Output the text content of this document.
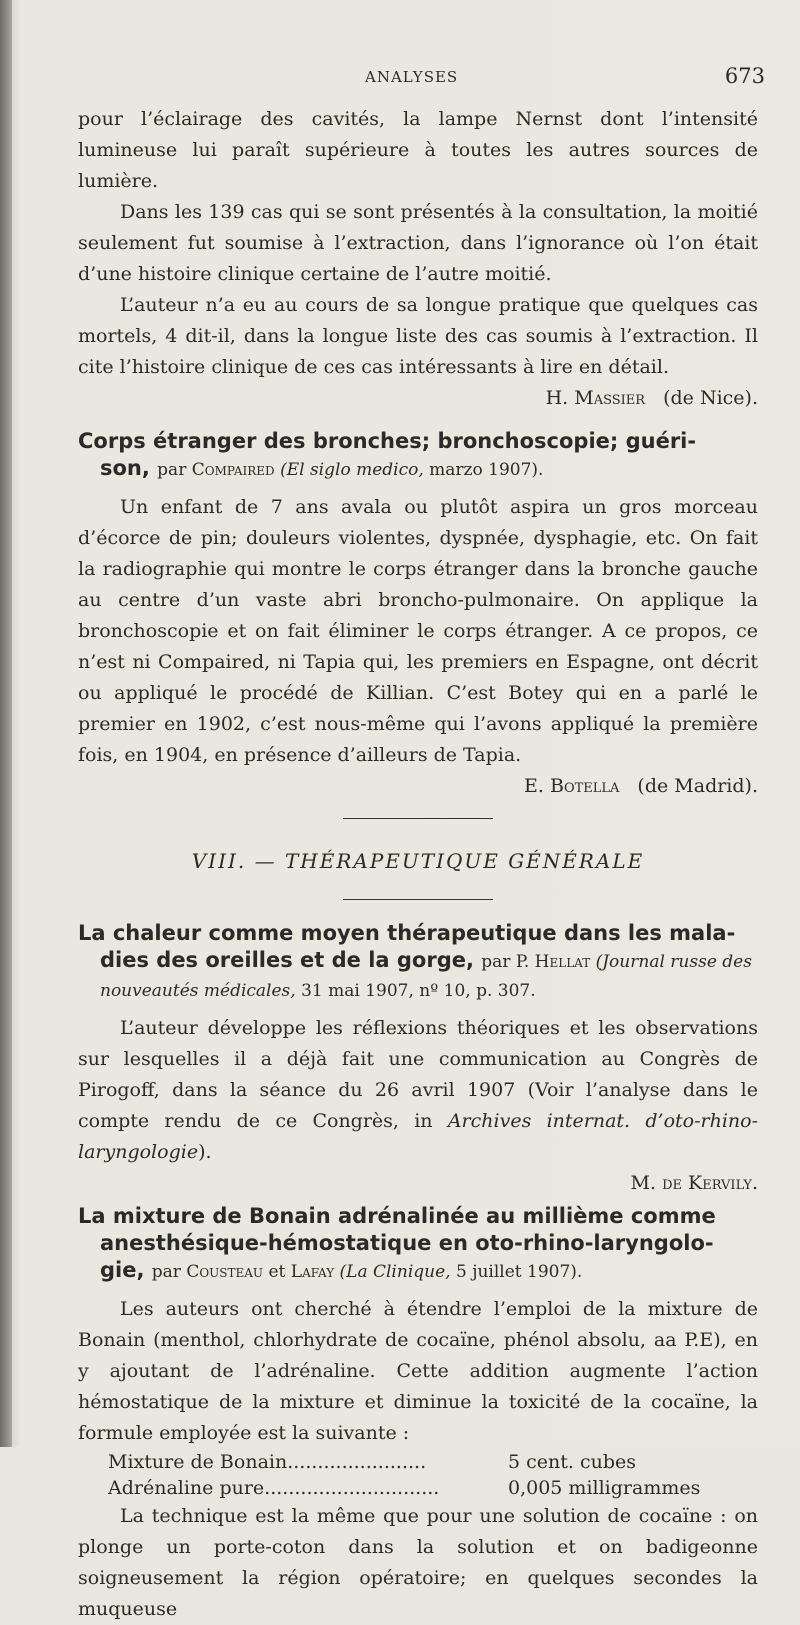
ANALYSES	673

pour l’éclairage des cavités, la lampe Nernst dont l’intensité lumineuse lui paraît supérieure à toutes les autres sources de lumière.

Dans les 139 cas qui se sont présentés à la consultation, la moitié seulement fut soumise à l’extraction, dans l’ignorance où l’on était d’une histoire clinique certaine de l’autre moitié.

L’auteur n’a eu au cours de sa longue pratique que quelques cas mortels, 4 dit-il, dans la longue liste des cas soumis à l’extraction. Il cite l’histoire clinique de ces cas intéressants à lire en détail.

H. Massier (de Nice).
Corps étranger des bronches; bronchoscopie; guéri-
son, par Compaired (El siglo medico, marzo 1907).

Un enfant de 7 ans avala ou plutôt aspira un gros morceau d’écorce de pin; douleurs violentes, dyspnée, dysphagie, etc. On fait la radiographie qui montre le corps étranger dans la bronche gauche au centre d’un vaste abri broncho-pulmonaire. On applique la bronchoscopie et on fait éliminer le corps étranger. A ce propos, ce n’est ni Compaired, ni Tapia qui, les premiers en Espagne, ont décrit ou appliqué le procédé de Killian. C’est Botey qui en a parlé le premier en 1902, c’est nous-même qui l’avons appliqué la première fois, en 1904, en présence d’ailleurs de Tapia.

E. Botella (de Madrid).
VIII. — THÉRAPEUTIQUE GÉNÉRALE
La chaleur comme moyen thérapeutique dans les mala-
dies des oreilles et de la gorge, par P. Hellat (Journal russe des nouveautés médicales, 31 mai 1907, nº 10, p. 307.

L’auteur développe les réflexions théoriques et les observations sur lesquelles il a déjà fait une communication au Congrès de Pirogoff, dans la séance du 26 avril 1907 (Voir l’analyse dans le compte rendu de ce Congrès, in Archives internat. d’oto-rhino-laryngologie).

M. de Kervily.
La mixture de Bonain adrénalinée au millième comme
anesthésique-hémostatique en oto-rhino-laryngolo-
gie, par Cousteau et Lafay (La Clinique, 5 juillet 1907).

Les auteurs ont cherché à étendre l’emploi de la mixture de Bonain (menthol, chlorhydrate de cocaïne, phénol absolu, aa P.E), en y ajoutant de l’adrénaline. Cette addition augmente l’action hémostatique de la mixture et diminue la toxicité de la cocaïne, la formule employée est la suivante :

Mixture de Bonain.......................	5 cent. cubes
Adrénaline pure.............................	0,005 milligrammes

La technique est la même que pour une solution de cocaïne : on plonge un porte-coton dans la solution et on badigeonne soigneusement la région opératoire; en quelques secondes la muqueuse
